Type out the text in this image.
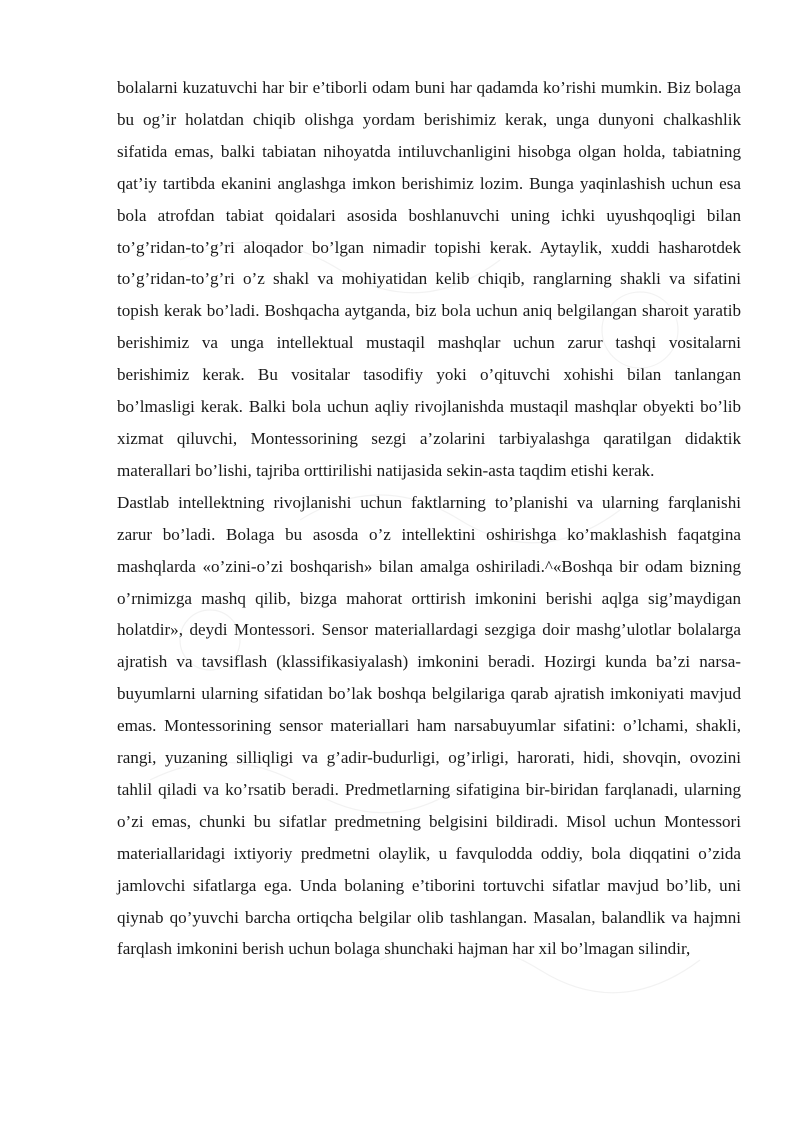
bolalarni kuzatuvchi har bir e’tiborli odam buni har qadamda ko’rishi mumkin. Biz bolaga bu og’ir holatdan chiqib olishga yordam berishimiz kerak, unga dunyoni chalkashlik sifatida emas, balki tabiatan nihoyatda intiluvchanligini hisobga olgan holda, tabiatning qat’iy tartibda ekanini anglashga imkon berishimiz lozim. Bunga yaqinlashish uchun esa bola atrofdan tabiat qoidalari asosida boshlanuvchi uning ichki uyushqoqligi bilan to’g’ridan-to’g’ri aloqador bo’lgan nimadir topishi kerak. Aytaylik, xuddi hasharotdek to’g’ridan-to’g’ri o’z shakl va mohiyatidan kelib chiqib, ranglarning shakli va sifatini topish kerak bo’ladi. Boshqacha aytganda, biz bola uchun aniq belgilangan sharoit yaratib berishimiz va unga intellektual mustaqil mashqlar uchun zarur tashqi vositalarni berishimiz kerak. Bu vositalar tasodifiy yoki o’qituvchi xohishi bilan tanlangan bo’lmasligi kerak. Balki bola uchun aqliy rivojlanishda mustaqil mashqlar obyekti bo’lib xizmat qiluvchi, Montessorining sezgi a’zolarini tarbiyalashga qaratilgan didaktik materallari bo’lishi, tajriba orttirilishi natijasida sekin-asta taqdim etishi kerak.

Dastlab intellektning rivojlanishi uchun faktlarning to’planishi va ularning farqlanishi zarur bo’ladi. Bolaga bu asosda o’z intellektini oshirishga ko’maklashish faqatgina mashqlarda «o’zini-o’zi boshqarish» bilan amalga oshiriladi.^«Boshqa bir odam bizning o’rnimizga mashq qilib, bizga mahorat orttirish imkonini berishi aqlga sig’maydigan holatdir», deydi Montessori. Sensor materiallardagi sezgiga doir mashg’ulotlar bolalarga ajratish va tavsiflash (klassifikasiyalash) imkonini beradi. Hozirgi kunda ba’zi narsa-buyumlarni ularning sifatidan bo’lak boshqa belgilariga qarab ajratish imkoniyati mavjud emas. Montessorining sensor materiallari ham narsabuyumlar sifatini: o’lchami, shakli, rangi, yuzaning silliqligi va g’adir-budurligi, og’irligi, harorati, hidi, shovqin, ovozini tahlil qiladi va ko’rsatib beradi. Predmetlarning sifatigina bir-biridan farqlanadi, ularning o’zi emas, chunki bu sifatlar predmetning belgisini bildiradi. Misol uchun Montessori materiallaridagi ixtiyoriy predmetni olaylik, u favqulodda oddiy, bola diqqatini o’zida jamlovchi sifatlarga ega. Unda bolaning e’tiborini tortuvchi sifatlar mavjud bo’lib, uni qiynab qo’yuvchi barcha ortiqcha belgilar olib tashlangan. Masalan, balandlik va hajmni farqlash imkonini berish uchun bolaga shunchaki hajman har xil bo’lmagan silindir,
